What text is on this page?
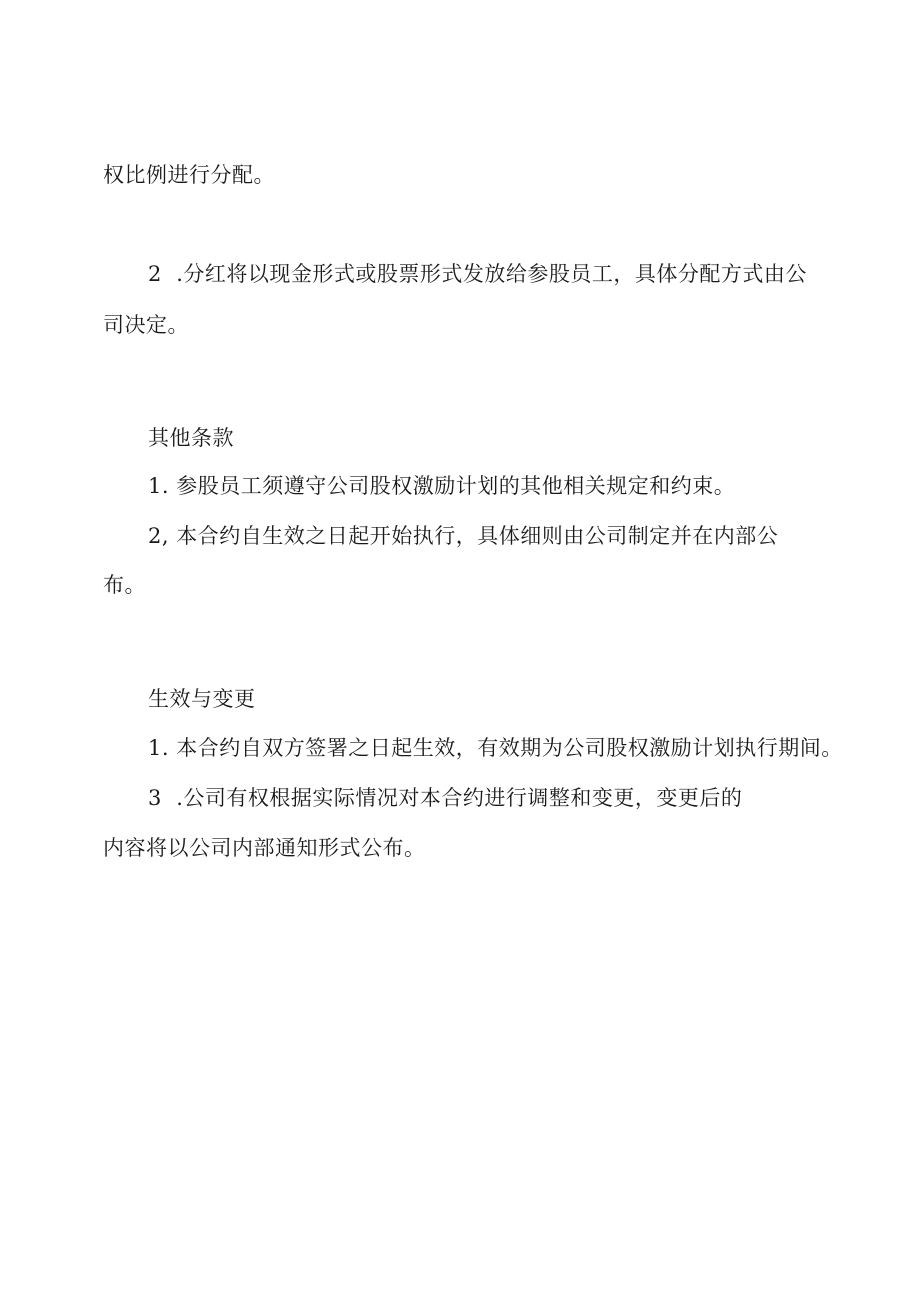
权比例进行分配。
2  .分红将以现金形式或股票形式发放给参股员工，具体分配方式由公
司决定。
其他条款
1. 参股员工须遵守公司股权激励计划的其他相关规定和约束。
2, 本合约自生效之日起开始执行，具体细则由公司制定并在内部公
布。
生效与变更
1. 本合约自双方签署之日起生效，有效期为公司股权激励计划执行期间。
3  .公司有权根据实际情况对本合约进行调整和变更，变更后的
内容将以公司内部通知形式公布。
